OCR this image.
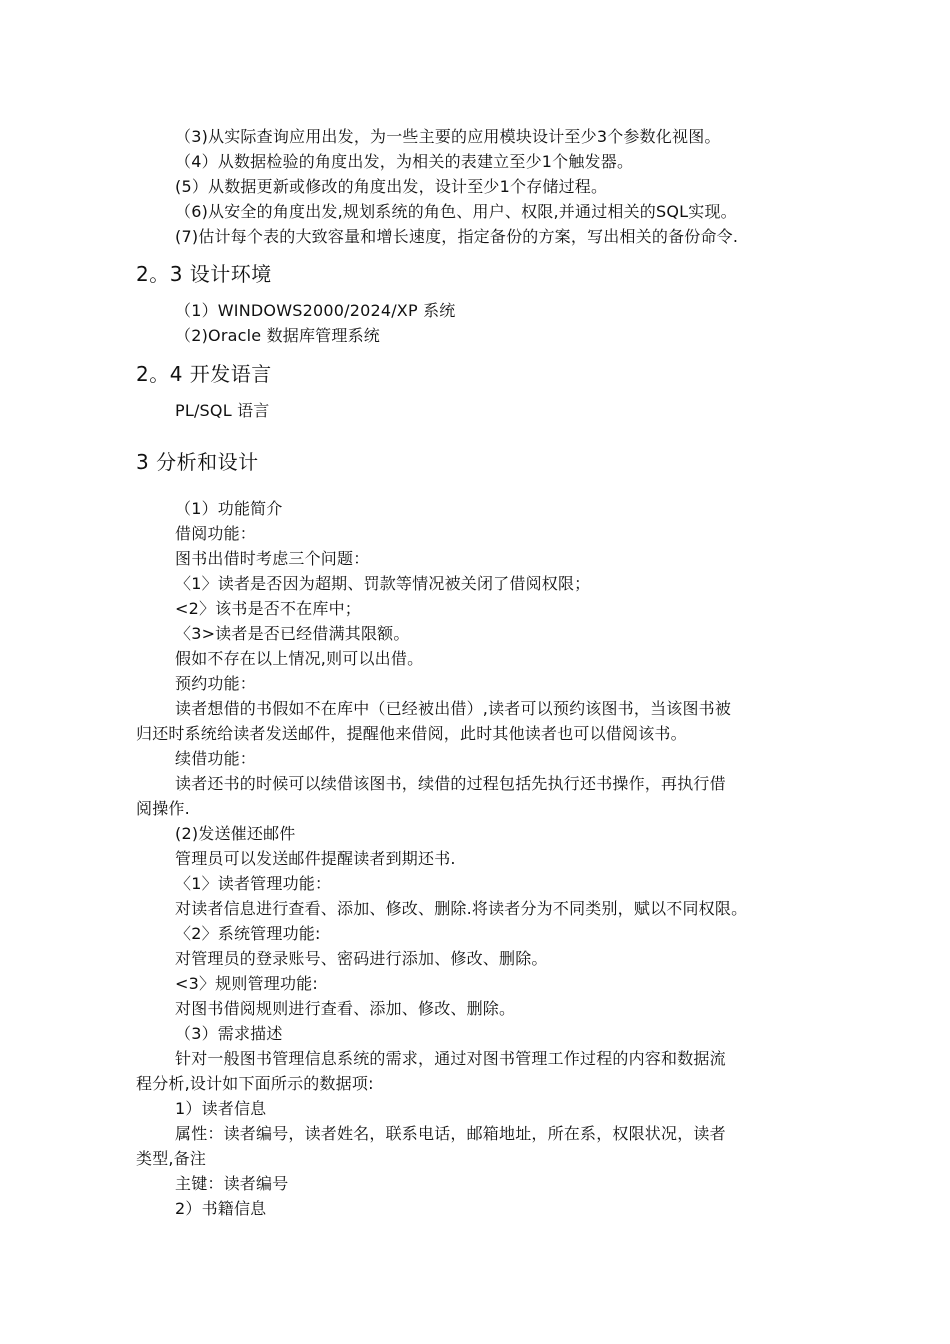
（3)从实际查询应用出发，为一些主要的应用模块设计至少3个参数化视图。
（4）从数据检验的角度出发，为相关的表建立至少1个触发器。
(5）从数据更新或修改的角度出发，设计至少1个存储过程。
（6)从安全的角度出发,规划系统的角色、用户、权限,并通过相关的SQL实现。
(7)估计每个表的大致容量和增长速度，指定备份的方案，写出相关的备份命令.
2。3 设计环境
（1）WINDOWS2000/2024/XP 系统
（2)Oracle 数据库管理系统
2。4 开发语言
PL/SQL 语言
3 分析和设计
（1）功能简介
借阅功能：
图书出借时考虑三个问题：
〈1〉读者是否因为超期、罚款等情况被关闭了借阅权限；
<2〉该书是否不在库中；
〈3>读者是否已经借满其限额。
假如不存在以上情况,则可以出借。
预约功能：
读者想借的书假如不在库中（已经被出借）,读者可以预约该图书，当该图书被
归还时系统给读者发送邮件，提醒他来借阅，此时其他读者也可以借阅该书。
续借功能：
读者还书的时候可以续借该图书，续借的过程包括先执行还书操作，再执行借
阅操作.
(2)发送催还邮件
管理员可以发送邮件提醒读者到期还书.
〈1〉读者管理功能：
对读者信息进行查看、添加、修改、删除.将读者分为不同类别，赋以不同权限。
〈2〉系统管理功能:
对管理员的登录账号、密码进行添加、修改、删除。
<3〉规则管理功能:
对图书借阅规则进行查看、添加、修改、删除。
（3）需求描述
针对一般图书管理信息系统的需求，通过对图书管理工作过程的内容和数据流
程分析,设计如下面所示的数据项:
1）读者信息
属性：读者编号，读者姓名，联系电话，邮箱地址，所在系，权限状况，读者
类型,备注
主键：读者编号
2）书籍信息
